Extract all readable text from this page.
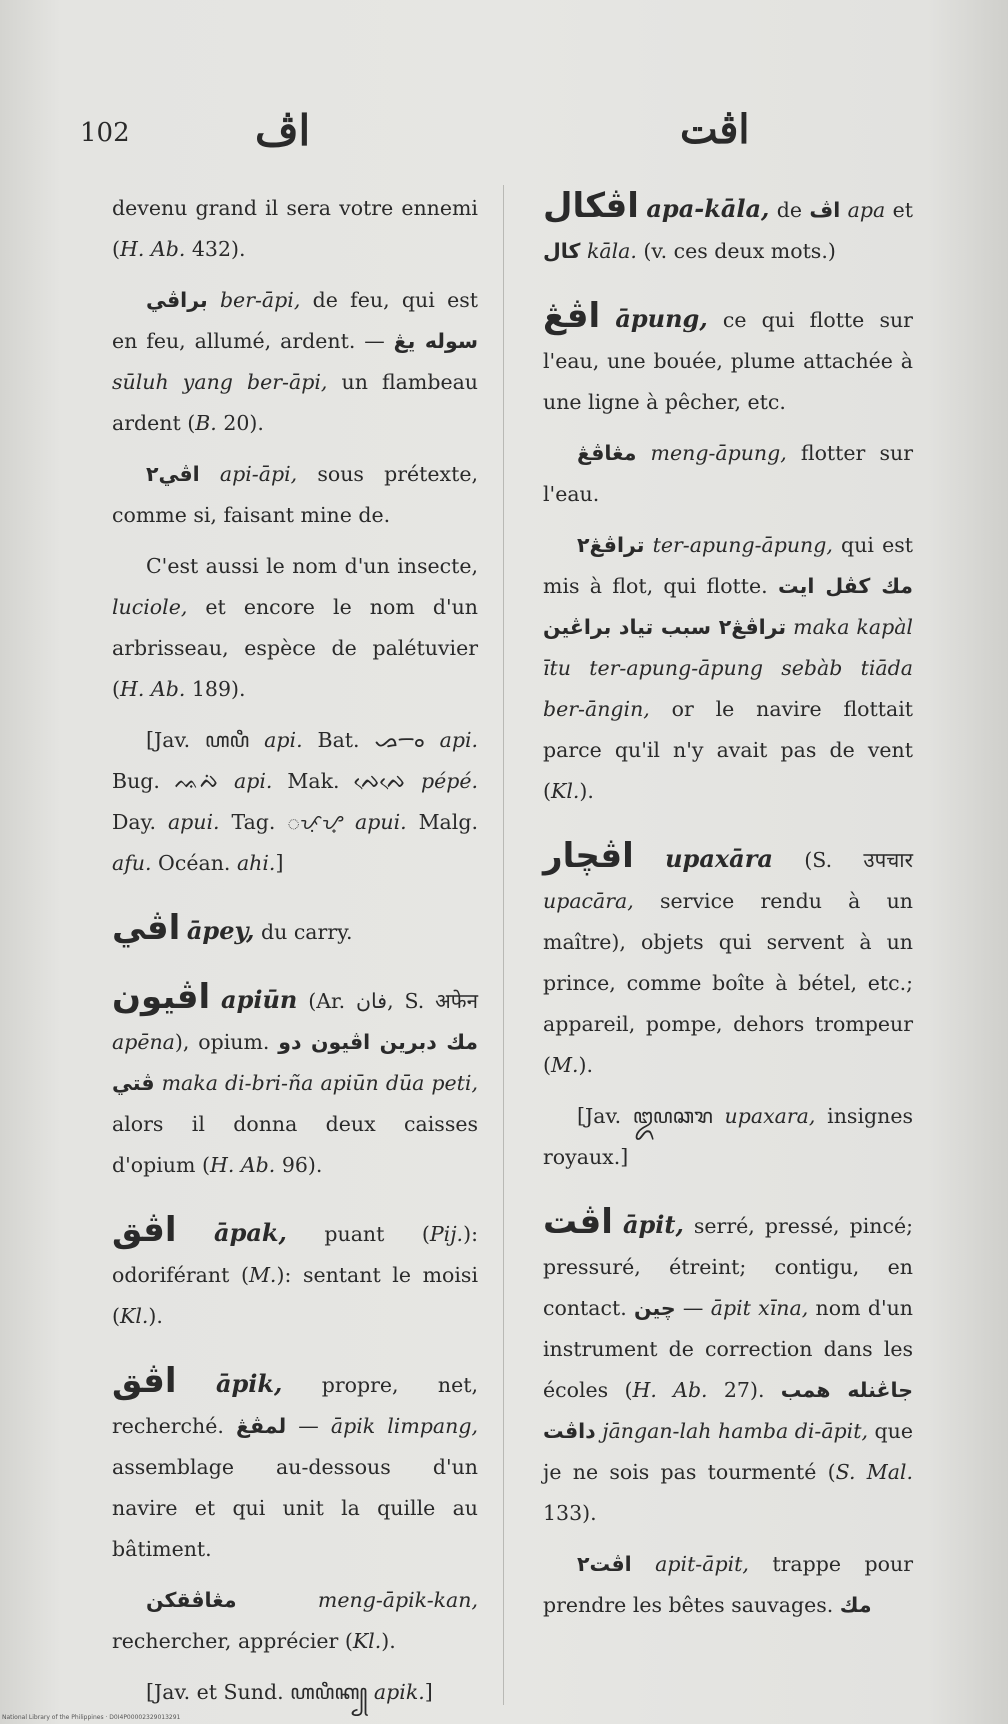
102	اڤ	اڤت

devenu grand il sera votre ennemi (H. Ab. 432).

براڤي ber-āpi, de feu, qui est en feu, allumé, ardent. — سوله يڠ sūluh yang ber-āpi, un flambeau ardent (B. 20).

اڤي٢ api-āpi, sous prétexte, comme si, faisant mine de.

C'est aussi le nom d'un insecte, luciole, et encore le nom d'un arbrisseau, espèce de palétuvier (H. Ab. 189).

[Jav. ꦲꦥꦶ api. Bat. ᯀᯇᯪ api. Bug. ᨕᨄᨗ api. Mak. ᨄᨙᨄᨙ pépé. Day. apui. Tag. ᜀᜉᜓᜌ᜔ apui. Malg. afu. Océan. ahi.]

اڤي āpey, du carry.

اڤيون apiūn (Ar. فان, S. अफेन apēna), opium. مك دبرين اڤيون دو ڤتي maka di-bri-ña apiūn dūa peti, alors il donna deux caisses d'opium (H. Ab. 96).

اڤق āpak, puant (Pij.): odoriférant (M.): sentant le moisi (Kl.).

اڤق āpik, propre, net, recherché. لمڤڠ — āpik limpang, assemblage au-dessous d'un navire et qui unit la quille au bâtiment.

مڠاڤقكن	meng-āpik-kan, rechercher, apprécier (Kl.).

[Jav. et Sund. ꦲꦥꦶꦏ꧀ apik.]

اڤكال apa-kāla, de اڤ apa et كال kāla. (v. ces deux mots.)

اڤڠ āpung, ce qui flotte sur l'eau, une bouée, plume attachée à une ligne à pêcher, etc.

مڠاڤڠ meng-āpung, flotter sur l'eau.

تراڤڠ٢ ter-apung-āpung, qui est mis à flot, qui flotte. مك كڤل ايت تراڤڠ٢ سبب تياد براڠين maka kapàl ītu ter-apung-āpung sebàb tiāda ber-āngin, or le navire flottait parce qu'il n'y avait pas de vent (Kl.).

اڤچار upaxāra (S. उपचार upacāra, service rendu à un maître), objets qui servent à un prince, comme boîte à bétel, etc.; appareil, pompe, dehors trompeur (M.).

[Jav. ꦈꦥꦕꦫ upaxara, insignes royaux.]

اڤت āpit, serré, pressé, pincé; pressuré, étreint; contigu, en contact. چين — āpit xīna, nom d'un instrument de correction dans les écoles (H. Ab. 27). جاڠنله همب داڤت jāngan-lah hamba di-āpit, que je ne sois pas tourmenté (S. Mal. 133).

اڤت٢ apit-āpit, trappe pour prendre les bêtes sauvages. مك

National Library of the Philippines · D0I4P00002329013291
